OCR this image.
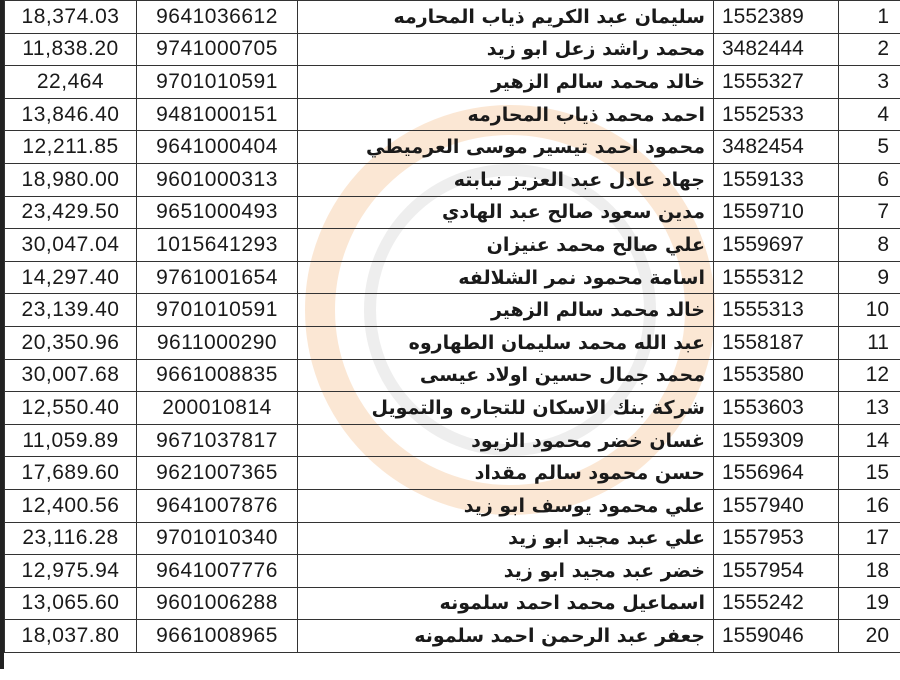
18,374.03	9641036612	سليمان عبد الكريم ذياب المحارمه	1552389	1
11,838.20	9741000705	محمد راشد زعل ابو زيد	3482444	2
22,464	9701010591	خالد محمد سالم الزهير	1555327	3
13,846.40	9481000151	احمد محمد ذياب المحارمه	1552533	4
12,211.85	9641000404	محمود احمد تيسير موسى العرميطي	3482454	5
18,980.00	9601000313	جهاد عادل عبد العزيز نبابته	1559133	6
23,429.50	9651000493	مدين سعود صالح عبد الهادي	1559710	7
30,047.04	1015641293	علي صالح محمد عنيزان	1559697	8
14,297.40	9761001654	اسامة محمود نمر الشلالفه	1555312	9
23,139.40	9701010591	خالد محمد سالم الزهير	1555313	10
20,350.96	9611000290	عبد الله محمد سليمان الطهاروه	1558187	11
30,007.68	9661008835	محمد جمال حسين اولاد عيسى	1553580	12
12,550.40	200010814	شركة بنك الاسكان للتجاره والتمويل	1553603	13
11,059.89	9671037817	غسان خضر محمود الزيود	1559309	14
17,689.60	9621007365	حسن محمود سالم مقداد	1556964	15
12,400.56	9641007876	علي محمود يوسف ابو زيد	1557940	16
23,116.28	9701010340	علي عبد مجيد ابو زيد	1557953	17
12,975.94	9641007776	خضر عبد مجيد ابو زيد	1557954	18
13,065.60	9601006288	اسماعيل محمد احمد سلمونه	1555242	19
18,037.80	9661008965	جعفر عبد الرحمن احمد سلمونه	1559046	20
